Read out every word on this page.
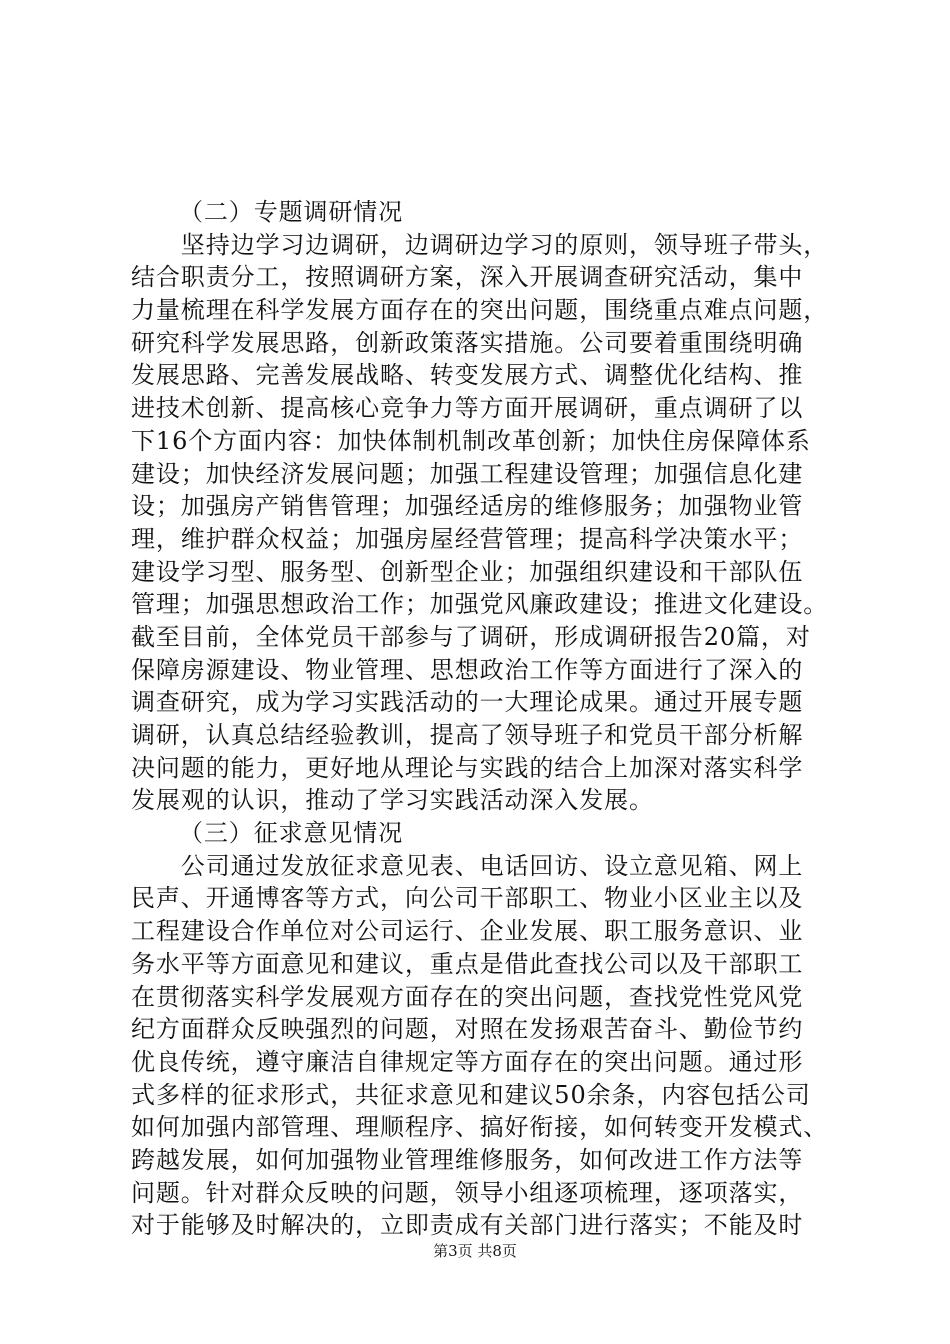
（二）专题调研情况
　　坚持边学习边调研，边调研边学习的原则，领导班子带头，
结合职责分工，按照调研方案，深入开展调查研究活动，集中
力量梳理在科学发展方面存在的突出问题，围绕重点难点问题，
研究科学发展思路，创新政策落实措施。公司要着重围绕明确
发展思路、完善发展战略、转变发展方式、调整优化结构、推
进技术创新、提高核心竞争力等方面开展调研，重点调研了以
下16个方面内容：加快体制机制改革创新；加快住房保障体系
建设；加快经济发展问题；加强工程建设管理；加强信息化建
设；加强房产销售管理；加强经适房的维修服务；加强物业管
理，维护群众权益；加强房屋经营管理；提高科学决策水平；
建设学习型、服务型、创新型企业；加强组织建设和干部队伍
管理；加强思想政治工作；加强党风廉政建设；推进文化建设。
截至目前，全体党员干部参与了调研，形成调研报告20篇，对
保障房源建设、物业管理、思想政治工作等方面进行了深入的
调查研究，成为学习实践活动的一大理论成果。通过开展专题
调研，认真总结经验教训，提高了领导班子和党员干部分析解
决问题的能力，更好地从理论与实践的结合上加深对落实科学
发展观的认识，推动了学习实践活动深入发展。
（三）征求意见情况
　　公司通过发放征求意见表、电话回访、设立意见箱、网上
民声、开通博客等方式，向公司干部职工、物业小区业主以及
工程建设合作单位对公司运行、企业发展、职工服务意识、业
务水平等方面意见和建议，重点是借此查找公司以及干部职工
在贯彻落实科学发展观方面存在的突出问题，查找党性党风党
纪方面群众反映强烈的问题，对照在发扬艰苦奋斗、勤俭节约
优良传统，遵守廉洁自律规定等方面存在的突出问题。通过形
式多样的征求形式，共征求意见和建议50余条，内容包括公司
如何加强内部管理、理顺程序、搞好衔接，如何转变开发模式、
跨越发展，如何加强物业管理维修服务，如何改进工作方法等
问题。针对群众反映的问题，领导小组逐项梳理，逐项落实，
对于能够及时解决的，立即责成有关部门进行落实；不能及时
第3页 共8页
